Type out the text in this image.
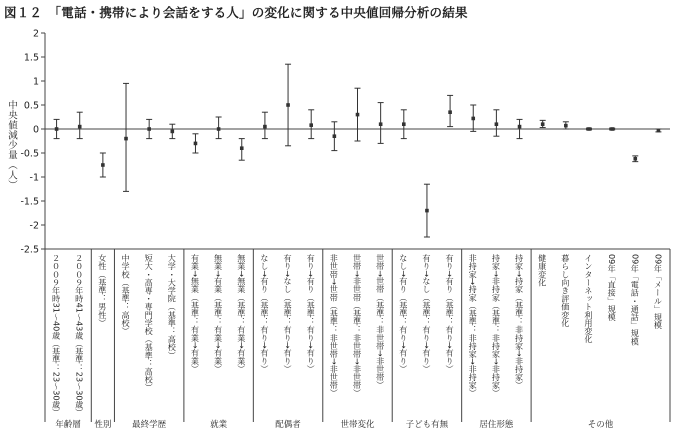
図１２　「電話・携帯により会話をする人」の変化に関する中央値回帰分析の結果
中央値減少量（人）
-2.5
-2
-1.5
-1
-0.5
0
0.5
1
1.5
2
２００９年時31～40歳（基準：23～30歳） ２００９年時41～43歳（基準：23～30歳） 女性（基準：男性） 中学校（基準：高校） 短大・高専・専門学校（基準：高校） 大学・大学院（基準：高校） 有業→無業（基準：有業→有業） 無業→有業（基準：有業→有業） 無業→無業（基準：有業→有業） なし→有り（基準：有り→有り） 有り→なし（基準：有り→有り） 有り→有り（基準：有り→有り） 非世帯→世帯（基準：非世帯→非世帯） 世帯→非世帯（基準：非世帯→非世帯） 世帯→世帯（基準：非世帯→非世帯） なし→有り（基準：有り→有り） 有り→なし（基準：有り→有り） 有り→有り（基準：有り→有り） 非持家→持家（基準：非持家→非持家） 持家→非持家（基準：非持家→非持家） 持家→持家（基準：非持家→非持家） 健康変化 暮らし向き評価変化 インターネット利用変化 09年「直接」規模 09年「電話・通話」規模 09年「メール」規模
年齢層 性別 最終学歴	就業	配偶者	世帯変化	子ども有無	居住形態	その他
